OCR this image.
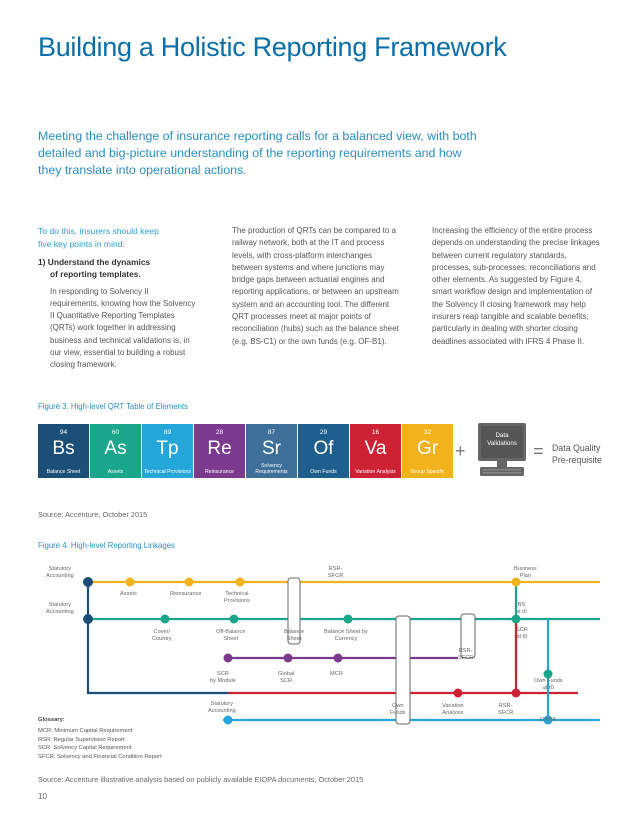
Building a Holistic Reporting Framework
Meeting the challenge of insurance reporting calls for a balanced view, with both detailed and big-picture understanding of the reporting requirements and how they translate into operational actions.
To do this, insurers should keep
five key points in mind:
1) Understand the dynamics
of reporting templates.
In responding to Solvency II requirements, knowing how the Solvency II Quantitative Reporting Templates (QRTs) work together in addressing business and technical validations is, in our view, essential to building a robust closing framework.
The production of QRTs can be compared to a railway network, both at the IT and process levels, with cross-platform interchanges between systems and where junctions may bridge gaps between actuarial engines and reporting applications, or between an upstream system and an accounting tool. The different QRT processes meet at major points of reconciliation (hubs) such as the balance sheet (e.g. BS-C1) or the own funds (e.g. OF-B1).
Increasing the efficiency of the entire process depends on understanding the precise linkages between current regulatory standards, processes, sub-processes, reconciliations and other elements. As suggested by Figure 4, smart workflow design and implementation of the Solvency II closing framework may help insurers reap tangible and scalable benefits, particularly in dealing with shorter closing deadlines associated with IFRS 4 Phase II.
Figure 3. High-level QRT Table of Elements
94
Bs
Balance Sheet
60
As
Assets
89
Tp
Technical Provisions
28
Re
Reinsurance
87
Sr
Solvency Requirements
29
Of
Own Funds
16
Va
Variation Analysis
32
Gr
Group Specific
+
Data
Validations = Data Quality
Pre-requisite
Source: Accenture, October 2015
Figure 4. High-level Reporting Linkages
Statutory
Accounting
Statutory
Accounting
Assets	Reinsurance	Technical
Provisions
RSR-
SFCR
Business
Plan
BS
at t0
SCR
at t0
Cover/
Country
Off-Balance
Sheet
Balance
Sheet
Balance Sheet by
Currency
RSR-
SFCR
SCR
by Module
Global
SCR
MCR
Own Funds
at t0
Statutory
Accounting
Own
Funds
Variation
Analysis
RSR-
SFCR
ORSA
Glossary:
MCR: Minimum Capital Requirement
RSR: Regular Supervision Report
SCR: Solvency Capital Requirement
SFCR: Solvency and Financial Condition Report
Source: Accenture illustrative analysis based on publicly available EIOPA documents, October 2015
10
